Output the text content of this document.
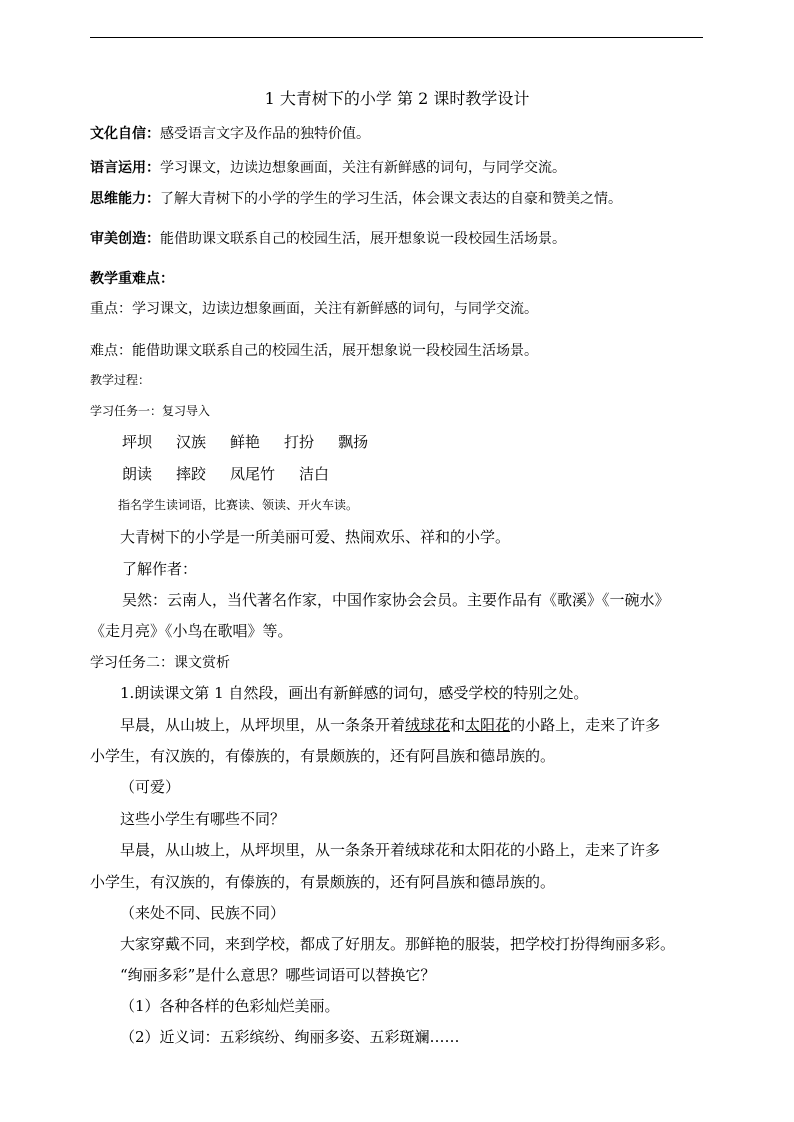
1 大青树下的小学 第 2 课时教学设计
文化自信：感受语言文字及作品的独特价值。
语言运用：学习课文，边读边想象画面，关注有新鲜感的词句，与同学交流。
思维能力：了解大青树下的小学的学生的学习生活，体会课文表达的自豪和赞美之情。
审美创造：能借助课文联系自己的校园生活，展开想象说一段校园生活场景。
教学重难点：
重点：学习课文，边读边想象画面，关注有新鲜感的词句，与同学交流。
难点：能借助课文联系自己的校园生活，展开想象说一段校园生活场景。
教学过程：
学习任务一：复习导入
坪坝 汉族 鲜艳 打扮 飘扬
朗读 摔跤 凤尾竹 洁白
指名学生读词语，比赛读、领读、开火车读。
大青树下的小学是一所美丽可爱、热闹欢乐、祥和的小学。
了解作者：
吴然：云南人，当代著名作家，中国作家协会会员。主要作品有《歌溪》《一碗水》
《走月亮》《小鸟在歌唱》等。
学习任务二：课文赏析
1.朗读课文第 1 自然段，画出有新鲜感的词句，感受学校的特别之处。
早晨，从山坡上，从坪坝里，从一条条开着绒球花和太阳花的小路上，走来了许多
小学生，有汉族的，有傣族的，有景颇族的，还有阿昌族和德昂族的。
（可爱）
这些小学生有哪些不同？
早晨，从山坡上，从坪坝里，从一条条开着绒球花和太阳花的小路上，走来了许多
小学生，有汉族的，有傣族的，有景颇族的，还有阿昌族和德昂族的。
（来处不同、民族不同）
大家穿戴不同，来到学校，都成了好朋友。那鲜艳的服装，把学校打扮得绚丽多彩。
“绚丽多彩”是什么意思？哪些词语可以替换它？
（1）各种各样的色彩灿烂美丽。
（2）近义词：五彩缤纷、绚丽多姿、五彩斑斓……
